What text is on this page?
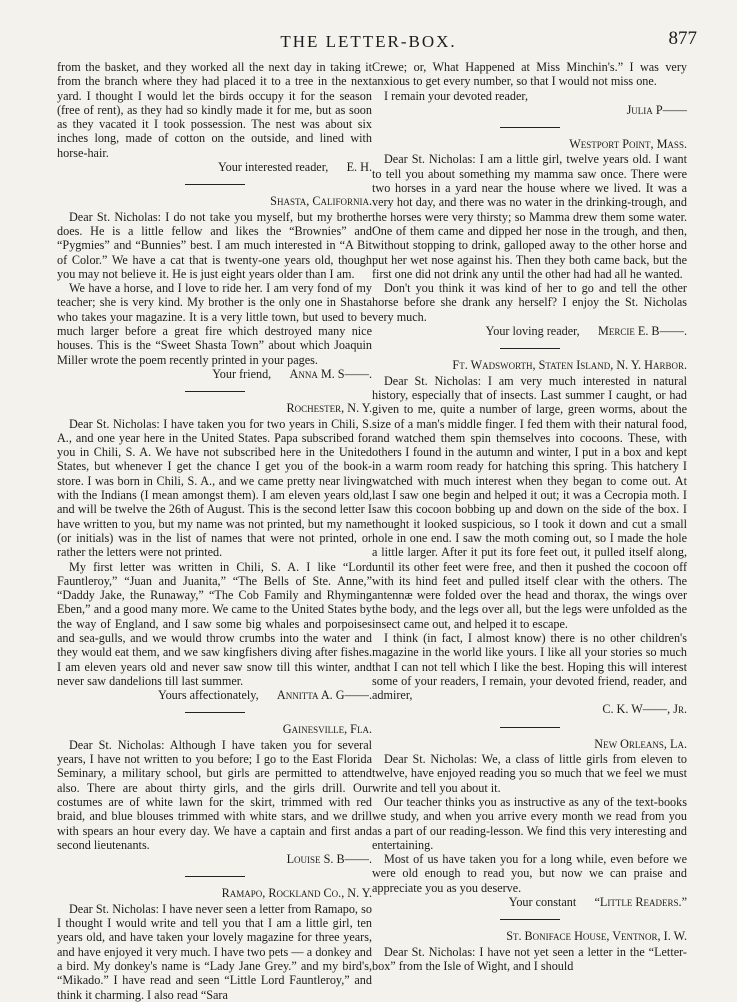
THE LETTER-BOX.	877

from the basket, and they worked all the next day in taking it from the branch where they had placed it to a tree in the next yard. I thought I would let the birds occupy it for the season (free of rent), as they had so kindly made it for me, but as soon as they vacated it I took possession. The nest was about six inches long, made of cotton on the outside, and lined with horse-hair.

Your interested reader, E. H.

Shasta, California.

Dear St. Nicholas: I do not take you myself, but my brother does. He is a little fellow and likes the “Brownies” and “Pygmies” and “Bunnies” best. I am much interested in “A Bit of Color.” We have a cat that is twenty-one years old, though you may not believe it. He is just eight years older than I am.

We have a horse, and I love to ride her. I am very fond of my teacher; she is very kind. My brother is the only one in Shasta who takes your magazine. It is a very little town, but used to be much larger before a great fire which destroyed many nice houses. This is the “Sweet Shasta Town” about which Joaquin Miller wrote the poem recently printed in your pages.

Your friend, Anna M. S——.

Rochester, N. Y.

Dear St. Nicholas: I have taken you for two years in Chili, S. A., and one year here in the United States. Papa subscribed for you in Chili, S. A. We have not subscribed here in the United States, but whenever I get the chance I get you of the book-store. I was born in Chili, S. A., and we came pretty near living with the Indians (I mean amongst them). I am eleven years old, and will be twelve the 26th of August. This is the second letter I have written to you, but my name was not printed, but my name (or initials) was in the list of names that were not printed, or rather the letters were not printed.

My first letter was written in Chili, S. A. I like “Lord Fauntleroy,” “Juan and Juanita,” “The Bells of Ste. Anne,” “Daddy Jake, the Runaway,” “The Cob Family and Rhyming Eben,” and a good many more. We came to the United States by the way of England, and I saw some big whales and porpoises and sea-gulls, and we would throw crumbs into the water and they would eat them, and we saw kingfishers diving after fishes. I am eleven years old and never saw snow till this winter, and never saw dandelions till last summer.

Yours affectionately, Annitta A. G——.

Gainesville, Fla.

Dear St. Nicholas: Although I have taken you for several years, I have not written to you before; I go to the East Florida Seminary, a military school, but girls are permitted to attend also. There are about thirty girls, and the girls drill. Our costumes are of white lawn for the skirt, trimmed with red braid, and blue blouses trimmed with white stars, and we drill with spears an hour every day. We have a captain and first and second lieutenants.

Louise S. B——.

Ramapo, Rockland Co., N. Y.

Dear St. Nicholas: I have never seen a letter from Ramapo, so I thought I would write and tell you that I am a little girl, ten years old, and have taken your lovely magazine for three years, and have enjoyed it very much. I have two pets — a donkey and a bird. My donkey's name is “Lady Jane Grey.” and my bird's, “Mikado.” I have read and seen “Little Lord Fauntleroy,” and think it charming. I also read “Sara

Crewe; or, What Happened at Miss Minchin's.” I was very anxious to get every number, so that I would not miss one.

I remain your devoted reader,

Julia P——

Westport Point, Mass.

Dear St. Nicholas: I am a little girl, twelve years old. I want to tell you about something my mamma saw once. There were two horses in a yard near the house where we lived. It was a very hot day, and there was no water in the drinking-trough, and the horses were very thirsty; so Mamma drew them some water. One of them came and dipped her nose in the trough, and then, without stopping to drink, galloped away to the other horse and put her wet nose against his. Then they both came back, but the first one did not drink any until the other had had all he wanted.

Don't you think it was kind of her to go and tell the other horse before she drank any herself? I enjoy the St. Nicholas very much.

Your loving reader, Mercie E. B——.

Ft. Wadsworth, Staten Island, N. Y. Harbor.

Dear St. Nicholas: I am very much interested in natural history, especially that of insects. Last summer I caught, or had given to me, quite a number of large, green worms, about the size of a man's middle finger. I fed them with their natural food, and watched them spin themselves into cocoons. These, with others I found in the autumn and winter, I put in a box and kept in a warm room ready for hatching this spring. This hatchery I watched with much interest when they began to come out. At last I saw one begin and helped it out; it was a Cecropia moth. I saw this cocoon bobbing up and down on the side of the box. I thought it looked suspicious, so I took it down and cut a small hole in one end. I saw the moth coming out, so I made the hole a little larger. After it put its fore feet out, it pulled itself along, until its other feet were free, and then it pushed the cocoon off with its hind feet and pulled itself clear with the others. The antennæ were folded over the head and thorax, the wings over the body, and the legs over all, but the legs were unfolded as the insect came out, and helped it to escape.

I think (in fact, I almost know) there is no other children's magazine in the world like yours. I like all your stories so much that I can not tell which I like the best. Hoping this will interest some of your readers, I remain, your devoted friend, reader, and admirer,

C. K. W——, Jr.

New Orleans, La.

Dear St. Nicholas: We, a class of little girls from eleven to twelve, have enjoyed reading you so much that we feel we must write and tell you about it.

Our teacher thinks you as instructive as any of the text-books we study, and when you arrive every month we read from you as a part of our reading-lesson. We find this very interesting and entertaining.

Most of us have taken you for a long while, even before we were old enough to read you, but now we can praise and appreciate you as you deserve.

Your constant “Little Readers.”

St. Boniface House, Ventnor, I. W.

Dear St. Nicholas: I have not yet seen a letter in the “Letter-box” from the Isle of Wight, and I should
